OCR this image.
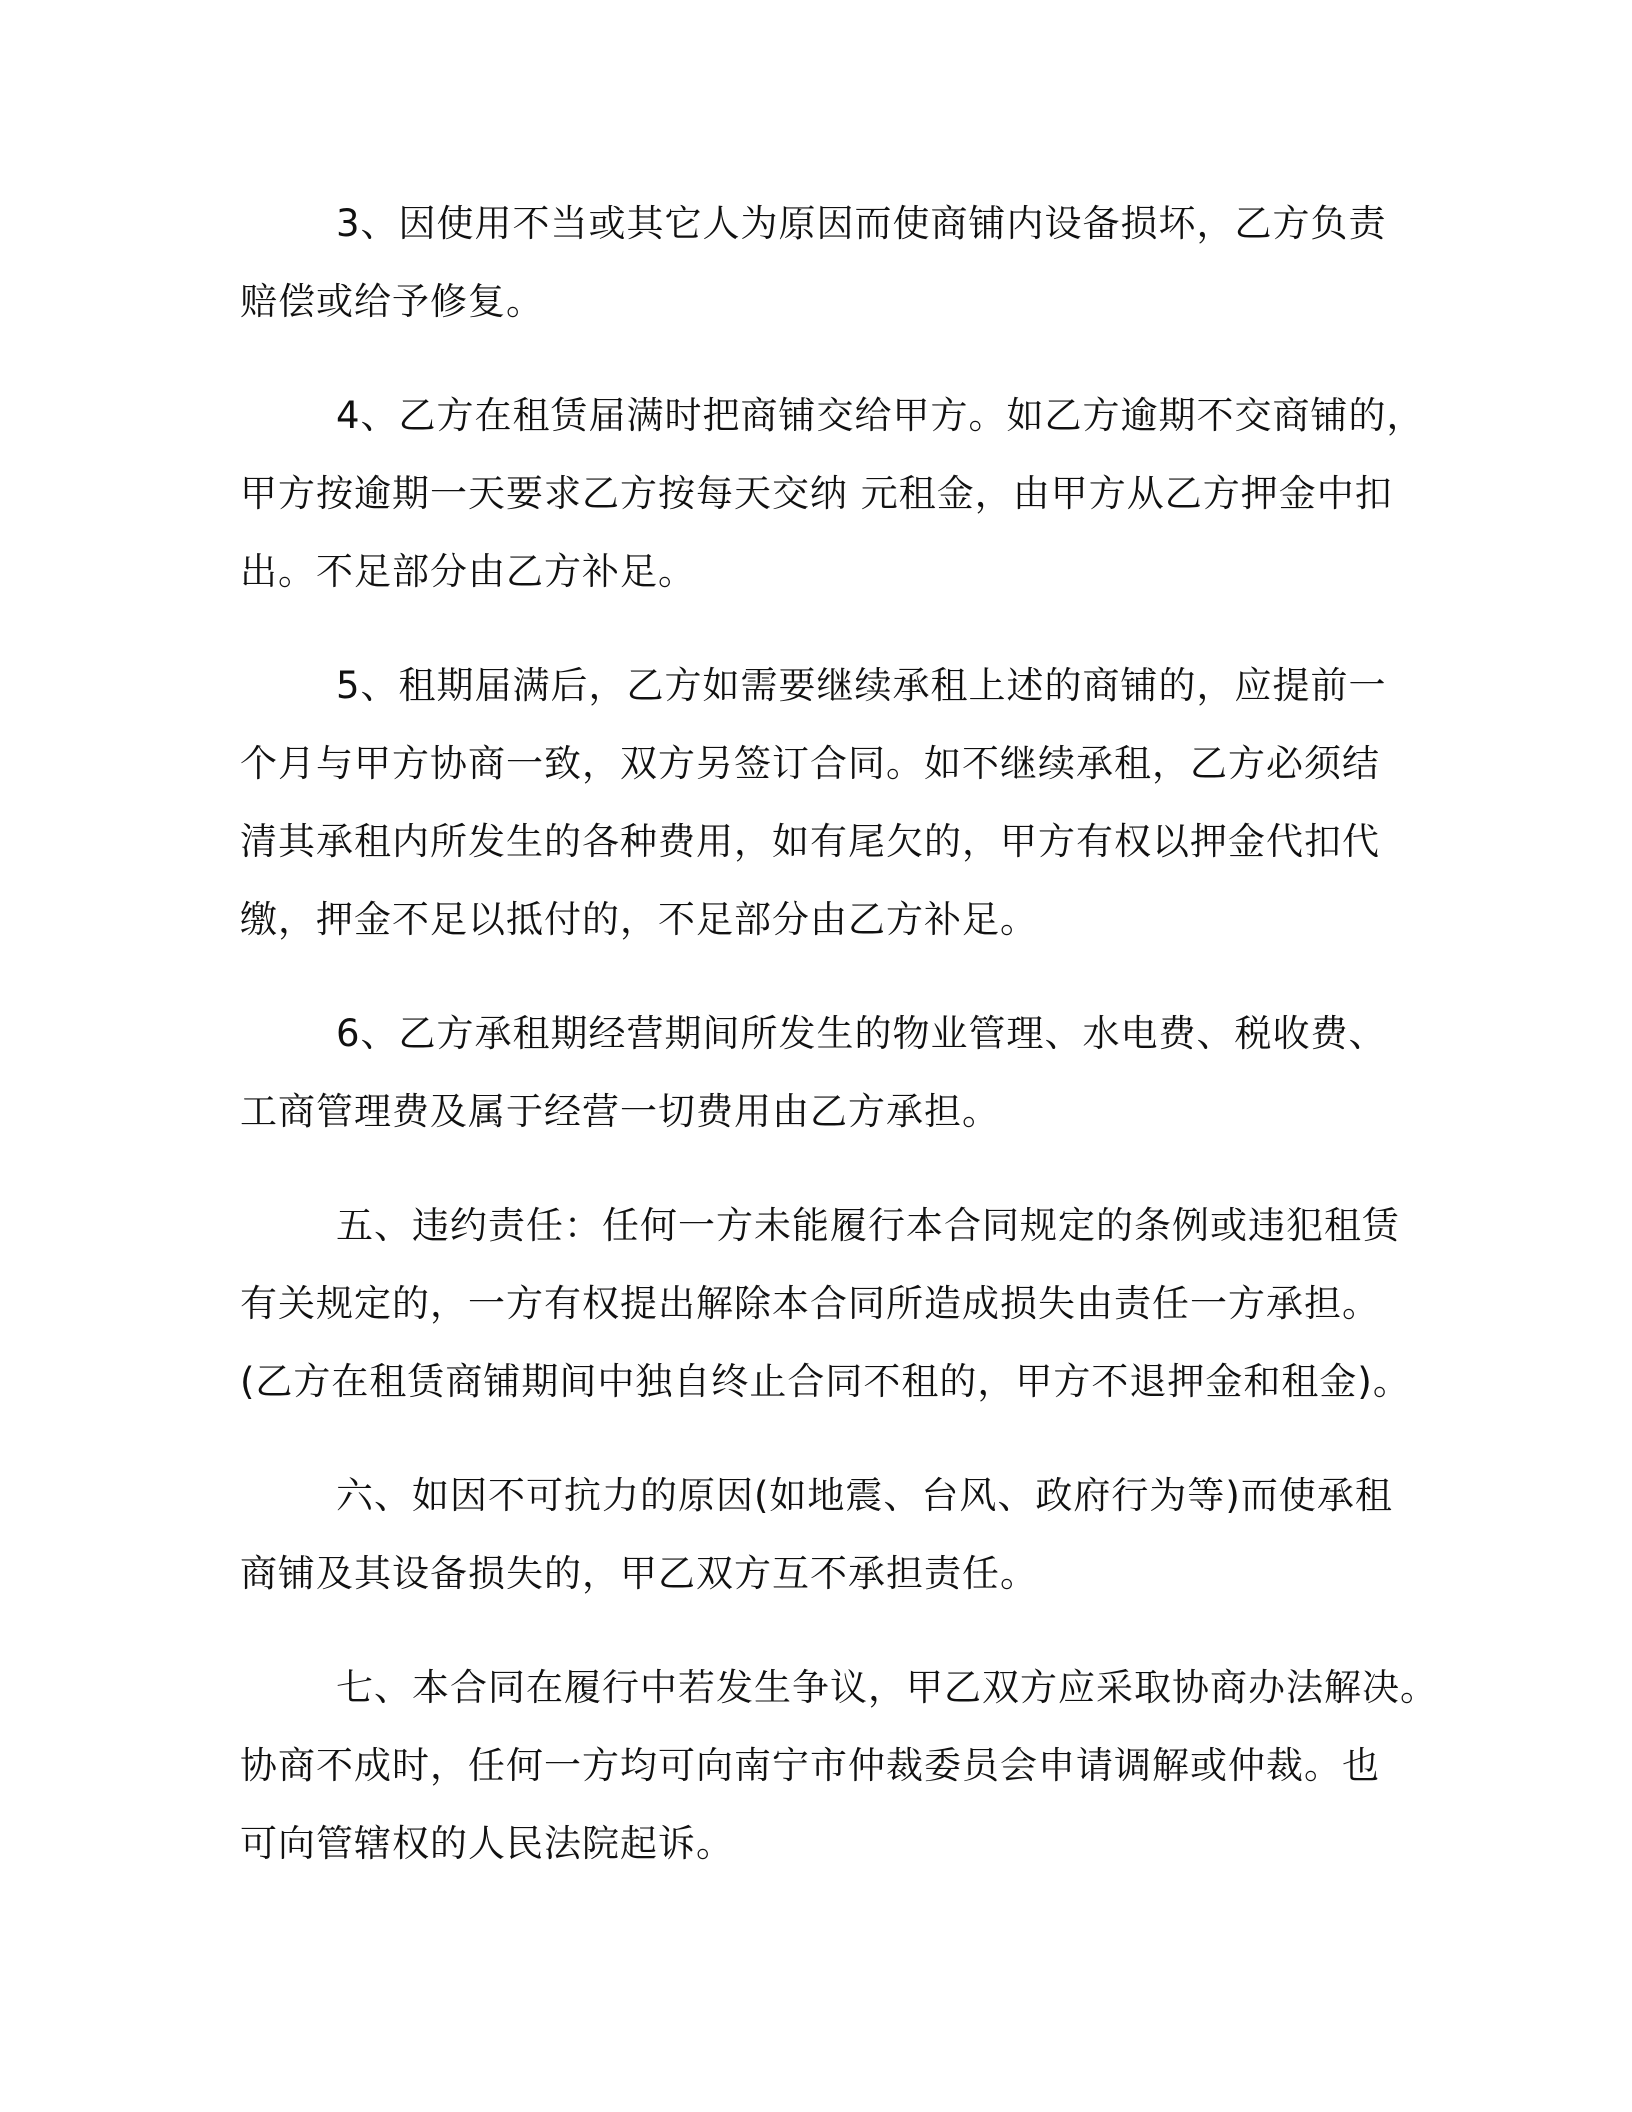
3、因使用不当或其它人为原因而使商铺内设备损坏，乙方负责
赔偿或给予修复。

4、乙方在租赁届满时把商铺交给甲方。如乙方逾期不交商铺的，
甲方按逾期一天要求乙方按每天交纳 元租金，由甲方从乙方押金中扣
出。不足部分由乙方补足。

5、租期届满后，乙方如需要继续承租上述的商铺的，应提前一
个月与甲方协商一致，双方另签订合同。如不继续承租，乙方必须结
清其承租内所发生的各种费用，如有尾欠的，甲方有权以押金代扣代
缴，押金不足以抵付的，不足部分由乙方补足。

6、乙方承租期经营期间所发生的物业管理、水电费、税收费、
工商管理费及属于经营一切费用由乙方承担。

五、违约责任：任何一方未能履行本合同规定的条例或违犯租赁
有关规定的，一方有权提出解除本合同所造成损失由责任一方承担。
(乙方在租赁商铺期间中独自终止合同不租的，甲方不退押金和租金)。

六、如因不可抗力的原因(如地震、台风、政府行为等)而使承租
商铺及其设备损失的，甲乙双方互不承担责任。

七、本合同在履行中若发生争议，甲乙双方应采取协商办法解决。
协商不成时，任何一方均可向南宁市仲裁委员会申请调解或仲裁。也
可向管辖权的人民法院起诉。
